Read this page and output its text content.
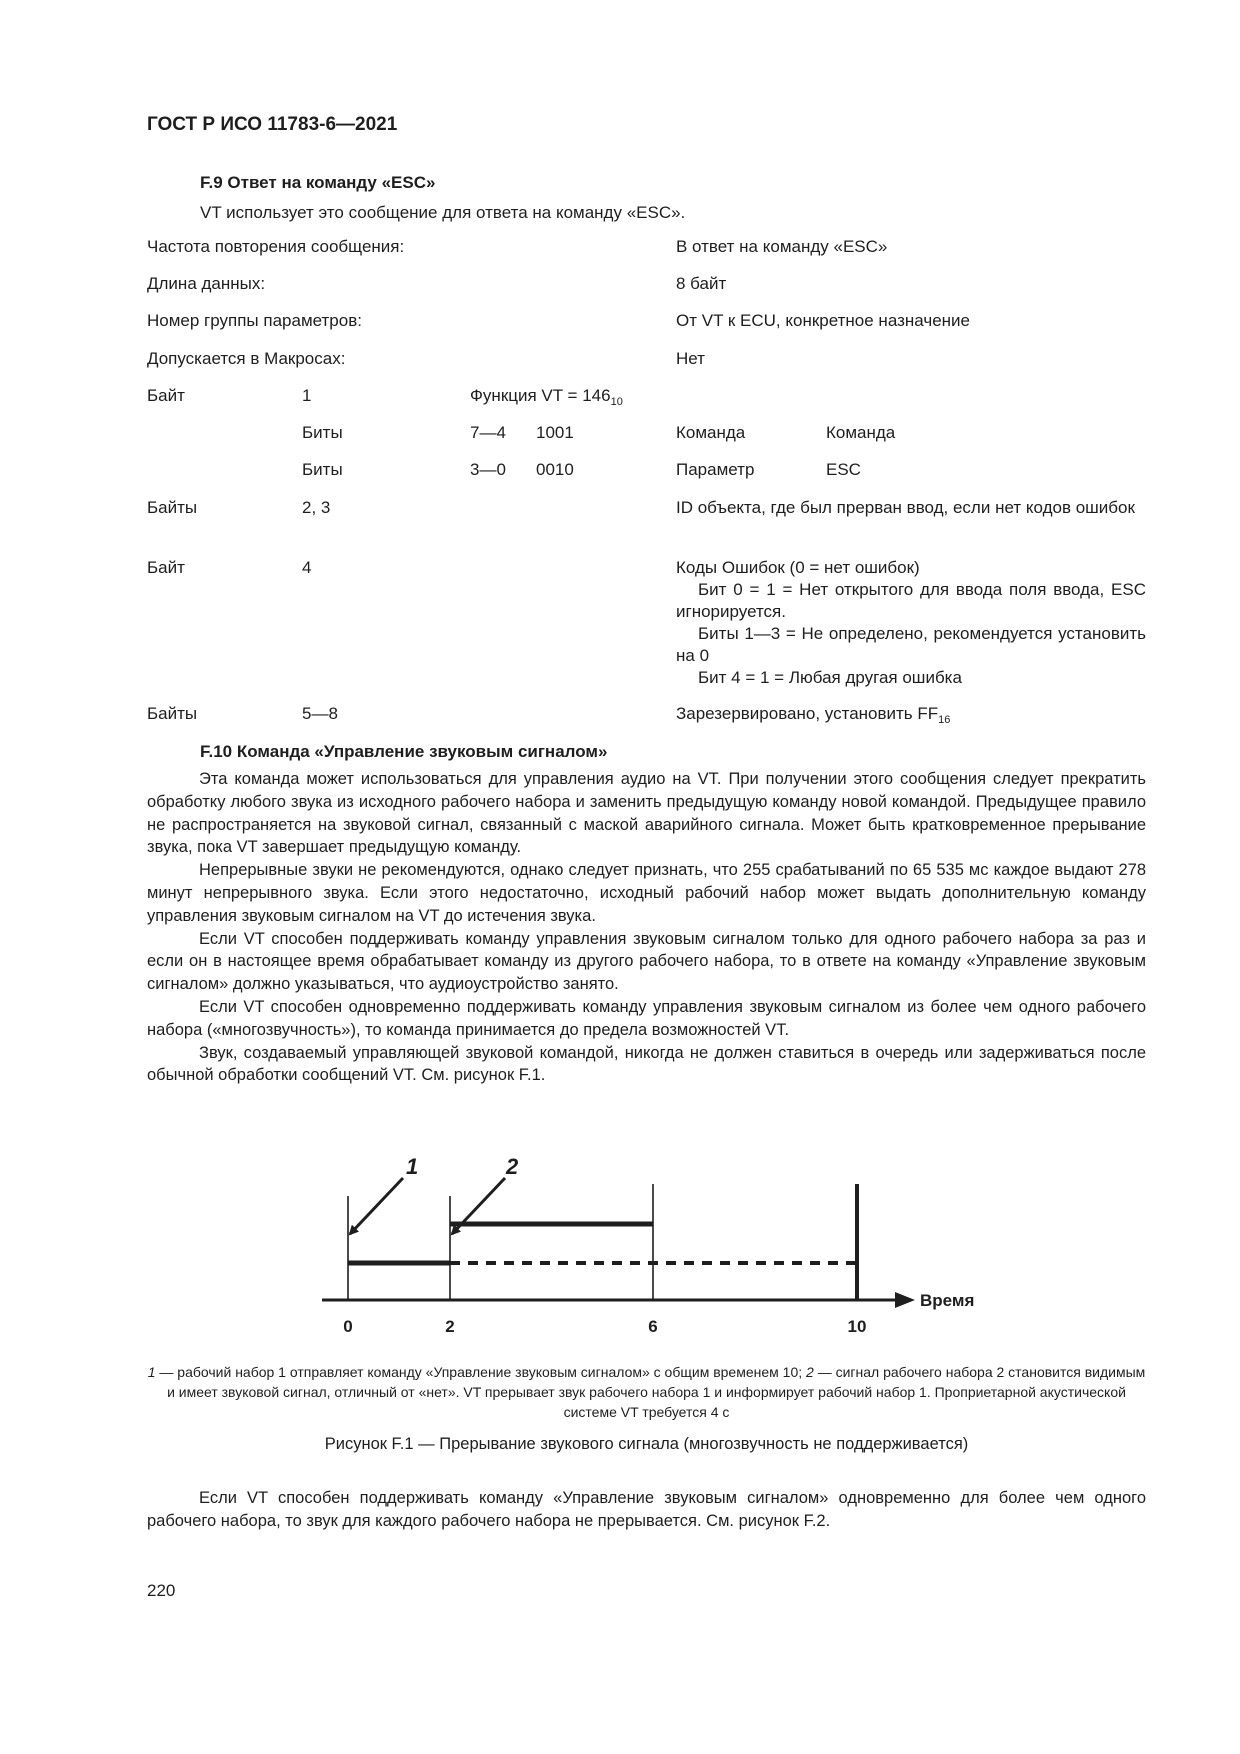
ГОСТ Р ИСО 11783-6—2021
F.9 Ответ на команду «ESC»
VT использует это сообщение для ответа на команду «ESC».
Частота повторения сообщения:	В ответ на команду «ESC»
Длина данных:	8 байт
Номер группы параметров:	От VT к ECU, конкретное назначение
Допускается в Макросах:	Нет
Байт	1	Функция VT = $146_{10}$
Биты	7—4 1001	Команда	Команда
Биты	3—0 0010	Параметр	ESC
Байты	2, 3	ID объекта, где был прерван ввод, если нет кодов ошибок
Байт	4	Коды Ошибок (0 = нет ошибок)
Бит 0 = 1 = Нет открытого для ввода поля ввода, ESC игнорируется.
Биты 1—3 = Не определено, рекомендуется установить на 0
Бит 4 = 1 = Любая другая ошибка
Байты	5—8	Зарезервировано, установить $FF_{16}$
F.10 Команда «Управление звуковым сигналом»

Эта команда может использоваться для управления аудио на VT. При получении этого сообщения следует прекратить обработку любого звука из исходного рабочего набора и заменить предыдущую команду новой командой. Предыдущее правило не распространяется на звуковой сигнал, связанный с маской аварийного сигнала. Может быть кратковременное прерывание звука, пока VT завершает предыдущую команду.

Непрерывные звуки не рекомендуются, однако следует признать, что 255 срабатываний по 65 535 мс каждое выдают 278 минут непрерывного звука. Если этого недостаточно, исходный рабочий набор может выдать дополнительную команду управления звуковым сигналом на VT до истечения звука.

Если VT способен поддерживать команду управления звуковым сигналом только для одного рабочего набора за раз и если он в настоящее время обрабатывает команду из другого рабочего набора, то в ответе на команду «Управление звуковым сигналом» должно указываться, что аудиоустройство занято.

Если VT способен одновременно поддерживать команду управления звуковым сигналом из более чем одного рабочего набора («многозвучность»), то команда принимается до предела возможностей VT.

Звук, создаваемый управляющей звуковой командой, никогда не должен ставиться в очередь или задерживаться после обычной обработки сообщений VT. См. рисунок F.1.

1	2
Время
0	2	6	10
1 — рабочий набор 1 отправляет команду «Управление звуковым сигналом» с общим временем 10; 2 — сигнал рабочего набора 2 становится видимым и имеет звуковой сигнал, отличный от «нет». VT прерывает звук рабочего набора 1 и информирует рабочий набор 1. Проприетарной акустической системе VT требуется 4 с
Рисунок F.1 — Прерывание звукового сигнала (многозвучность не поддерживается)

Если VT способен поддерживать команду «Управление звуковым сигналом» одновременно для более чем одного рабочего набора, то звук для каждого рабочего набора не прерывается. См. рисунок F.2.

220
